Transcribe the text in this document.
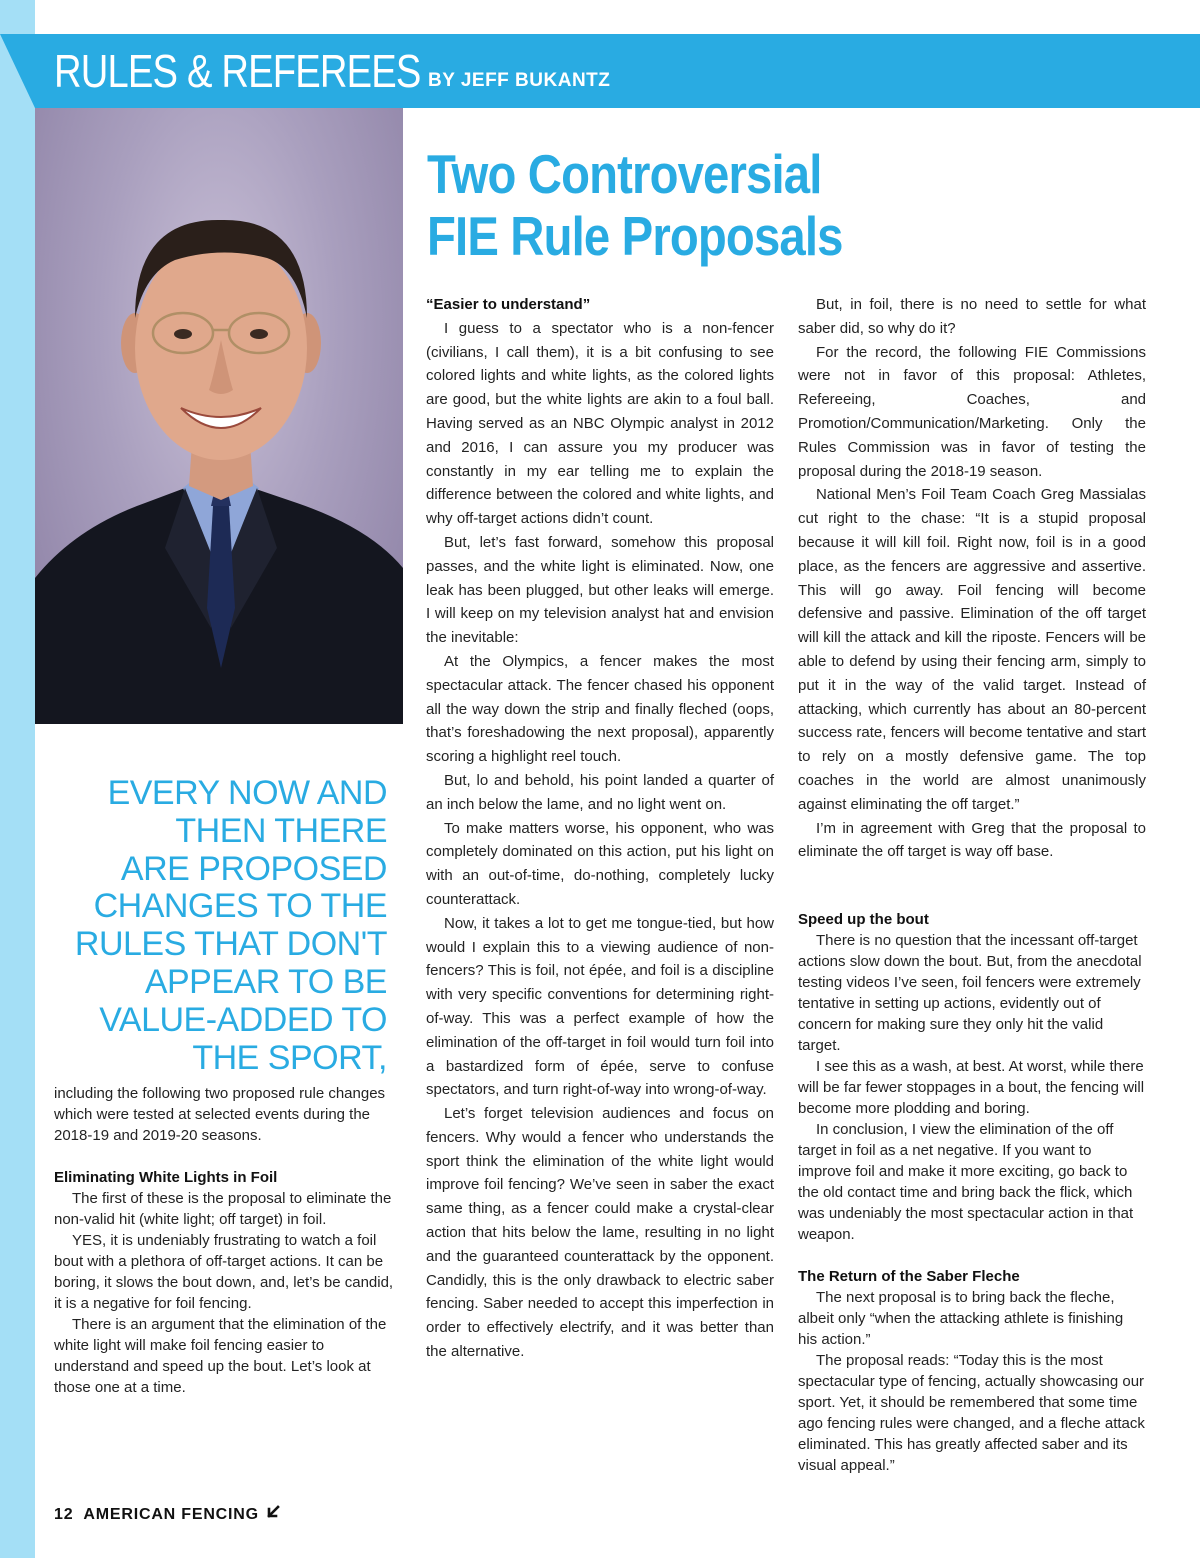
RULES & REFEREES BY JEFF BUKANTZ
Two Controversial
FIE Rule Proposals
EVERY NOW AND
THEN THERE
ARE PROPOSED
CHANGES TO THE
RULES THAT DON'T
APPEAR TO BE
VALUE-ADDED TO
THE SPORT,

including the following two proposed rule changes which were tested at selected events during the 2018-19 and 2019-20 seasons.

Eliminating White Lights in Foil

The first of these is the proposal to eliminate the non-valid hit (white light; off target) in foil.

YES, it is undeniably frustrating to watch a foil bout with a plethora of off-target actions. It can be boring, it slows the bout down, and, let’s be candid, it is a negative for foil fencing.

There is an argument that the elimination of the white light will make foil fencing easier to understand and speed up the bout. Let’s look at those one at a time.

“Easier to understand”

I guess to a spectator who is a non-fencer (civilians, I call them), it is a bit confusing to see colored lights and white lights, as the colored lights are good, but the white lights are akin to a foul ball. Having served as an NBC Olympic analyst in 2012 and 2016, I can assure you my producer was constantly in my ear telling me to explain the difference between the colored and white lights, and why off-target actions didn’t count.

But, let’s fast forward, somehow this proposal passes, and the white light is eliminated. Now, one leak has been plugged, but other leaks will emerge. I will keep on my television analyst hat and envision the inevitable:

At the Olympics, a fencer makes the most spectacular attack. The fencer chased his opponent all the way down the strip and finally fleched (oops, that’s foreshadowing the next proposal), apparently scoring a highlight reel touch.

But, lo and behold, his point landed a quarter of an inch below the lame, and no light went on.

To make matters worse, his opponent, who was completely dominated on this action, put his light on with an out-of-time, do-nothing, completely lucky counterattack.

Now, it takes a lot to get me tongue-tied, but how would I explain this to a viewing audience of non-fencers? This is foil, not épée, and foil is a discipline with very specific conventions for determining right-of-way. This was a perfect example of how the elimination of the off-target in foil would turn foil into a bastardized form of épée, serve to confuse spectators, and turn right-of-way into wrong-of-way.

Let’s forget television audiences and focus on fencers. Why would a fencer who understands the sport think the elimination of the white light would improve foil fencing? We’ve seen in saber the exact same thing, as a fencer could make a crystal-clear action that hits below the lame, resulting in no light and the guaranteed counterattack by the opponent. Candidly, this is the only drawback to electric saber fencing. Saber needed to accept this imperfection in order to effectively electrify, and it was better than the alternative.

But, in foil, there is no need to settle for what saber did, so why do it?

For the record, the following FIE Commissions were not in favor of this proposal: Athletes, Refereeing, Coaches, and Promotion/Communication/Marketing. Only the Rules Commission was in favor of testing the proposal during the 2018-19 season.

National Men’s Foil Team Coach Greg Massialas cut right to the chase: “It is a stupid proposal because it will kill foil. Right now, foil is in a good place, as the fencers are aggressive and assertive. This will go away. Foil fencing will become defensive and passive. Elimination of the off target will kill the attack and kill the riposte. Fencers will be able to defend by using their fencing arm, simply to put it in the way of the valid target. Instead of attacking, which currently has about an 80-percent success rate, fencers will become tentative and start to rely on a mostly defensive game. The top coaches in the world are almost unanimously against eliminating the off target.”

I’m in agreement with Greg that the proposal to eliminate the off target is way off base.

Speed up the bout

There is no question that the incessant off-target actions slow down the bout. But, from the anecdotal testing videos I’ve seen, foil fencers were extremely tentative in setting up actions, evidently out of concern for making sure they only hit the valid target.

I see this as a wash, at best. At worst, while there will be far fewer stoppages in a bout, the fencing will become more plodding and boring.

In conclusion, I view the elimination of the off target in foil as a net negative. If you want to improve foil and make it more exciting, go back to the old contact time and bring back the flick, which was undeniably the most spectacular action in that weapon.

The Return of the Saber Fleche

The next proposal is to bring back the fleche, albeit only “when the attacking athlete is finishing his action.”

The proposal reads: “Today this is the most spectacular type of fencing, actually showcasing our sport. Yet, it should be remembered that some time ago fencing rules were changed, and a fleche attack eliminated. This has greatly affected saber and its visual appeal.”

12 AMERICAN FENCING
